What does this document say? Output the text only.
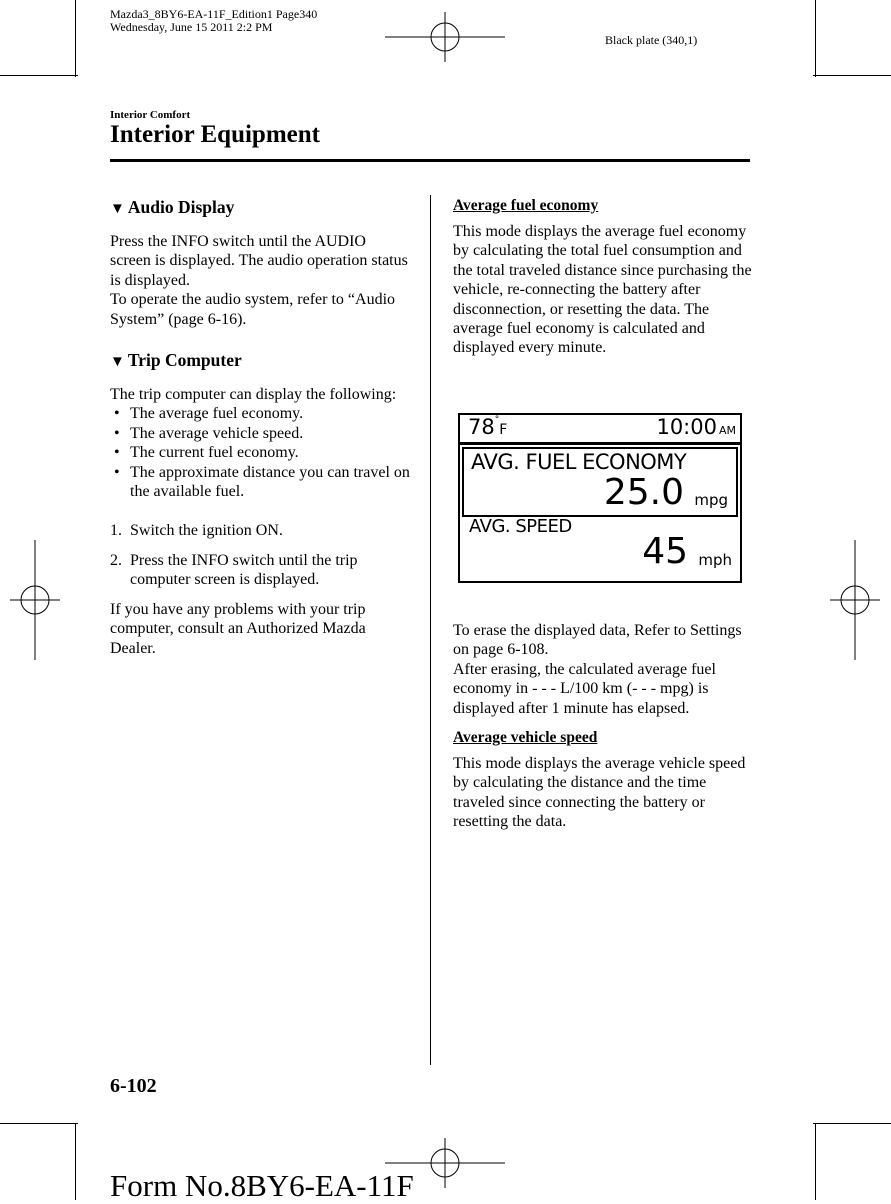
Mazda3_8BY6-EA-11F_Edition1 Page340
Wednesday, June 15 2011 2:2 PM
Black plate (340,1)
Interior Comfort
Interior Equipment
▼ Audio Display

Press the INFO switch until the AUDIO screen is displayed. The audio operation status is displayed.

To operate the audio system, refer to “Audio System” (page 6-16).

▼ Trip Computer

The trip computer can display the following:

• The average fuel economy.
• The average vehicle speed.
• The current fuel economy.
• The approximate distance you can travel on the available fuel.
1. Switch the ignition ON.
2. Press the INFO switch until the trip computer screen is displayed.

If you have any problems with your trip computer, consult an Authorized Mazda Dealer.

Average fuel economy

This mode displays the average fuel economy by calculating the total fuel consumption and the total traveled distance since purchasing the vehicle, re-connecting the battery after disconnection, or resetting the data. The average fuel economy is calculated and displayed every minute.

78°F	10:00 AM
AVG. FUEL ECONOMY
25.0 mpg
AVG. SPEED
45 mph

To erase the displayed data, Refer to Settings on page 6-108.

After erasing, the calculated average fuel economy in - - - L/100 km (- - - mpg) is displayed after 1 minute has elapsed.

Average vehicle speed

This mode displays the average vehicle speed by calculating the distance and the time traveled since connecting the battery or resetting the data.

6-102
Form No.8BY6-EA-11F
